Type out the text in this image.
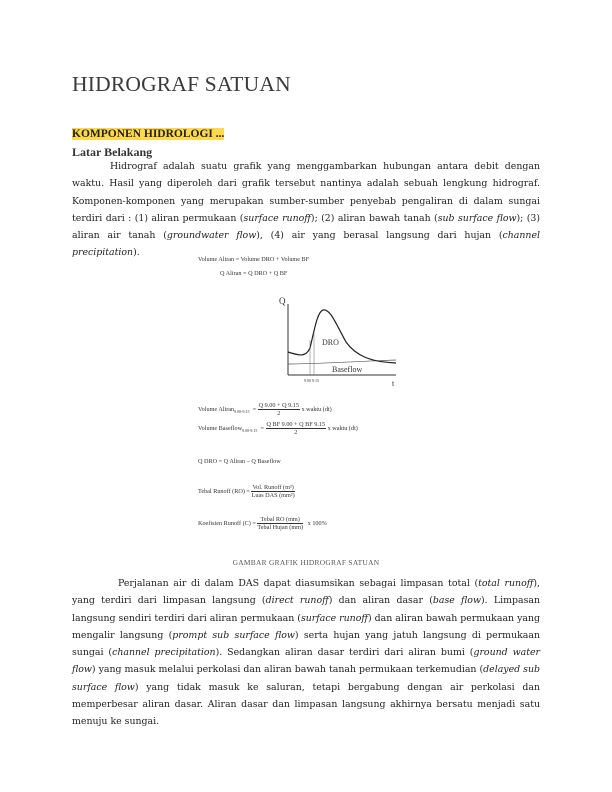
HIDROGRAF SATUAN
KOMPONEN HIDROLOGI ...
Latar Belakang

Hidrograf adalah suatu grafik yang menggambarkan hubungan antara debit dengan waktu. Hasil yang diperoleh dari grafik tersebut nantinya adalah sebuah lengkung hidrograf. Komponen-komponen yang merupakan sumber-sumber penyebab pengaliran di dalam sungai terdiri dari : (1) aliran permukaan (surface runoff); (2) aliran bawah tanah (sub surface flow); (3) aliran air tanah (groundwater flow), (4) air yang berasal langsung dari hujan (channel precipitation).

Volume Aliran = Volume DRO + Volume BF
Q Aliran = Q DRO + Q BF
Q
t
9.00 9.15
DRO
Baseflow
Volume Aliran$_{9.00-9.15}$  = $\frac{Q 9.00 + Q 9.15}{2}$ x waktu (dt)
Volume Baseflow$_{9.00-9.15}$  = $\frac{\text{Q BF 9.00 + Q BF 9.15}}{2}$ x waktu (dt)
Q DRO = Q Aliran – Q Baseflow
Tebal Runoff $(RO) = \frac{\text{Vol. Runoff (m³)}}{\text{Luas DAS (mm²)}}$
Koefisien Runoff $(C) = \frac{\text{Tebal RO (mm)}}{\text{Tebal Hujan (mm)}}$ x 100%
GAMBAR GRAFIK HIDROGRAF SATUAN

Perjalanan air di dalam DAS dapat diasumsikan sebagai limpasan total (total runoff), yang terdiri dari limpasan langsung (direct runoff) dan aliran dasar (base flow). Limpasan langsung sendiri terdiri dari aliran permukaan (surface runoff) dan aliran bawah permukaan yang mengalir langsung (prompt sub surface flow) serta hujan yang jatuh langsung di permukaan sungai (channel precipitation). Sedangkan aliran dasar terdiri dari aliran bumi (ground water flow) yang masuk melalui perkolasi dan aliran bawah tanah permukaan terkemudian (delayed sub surface flow) yang tidak masuk ke saluran, tetapi bergabung dengan air perkolasi dan memperbesar aliran dasar. Aliran dasar dan limpasan langsung akhirnya bersatu menjadi satu menuju ke sungai.
